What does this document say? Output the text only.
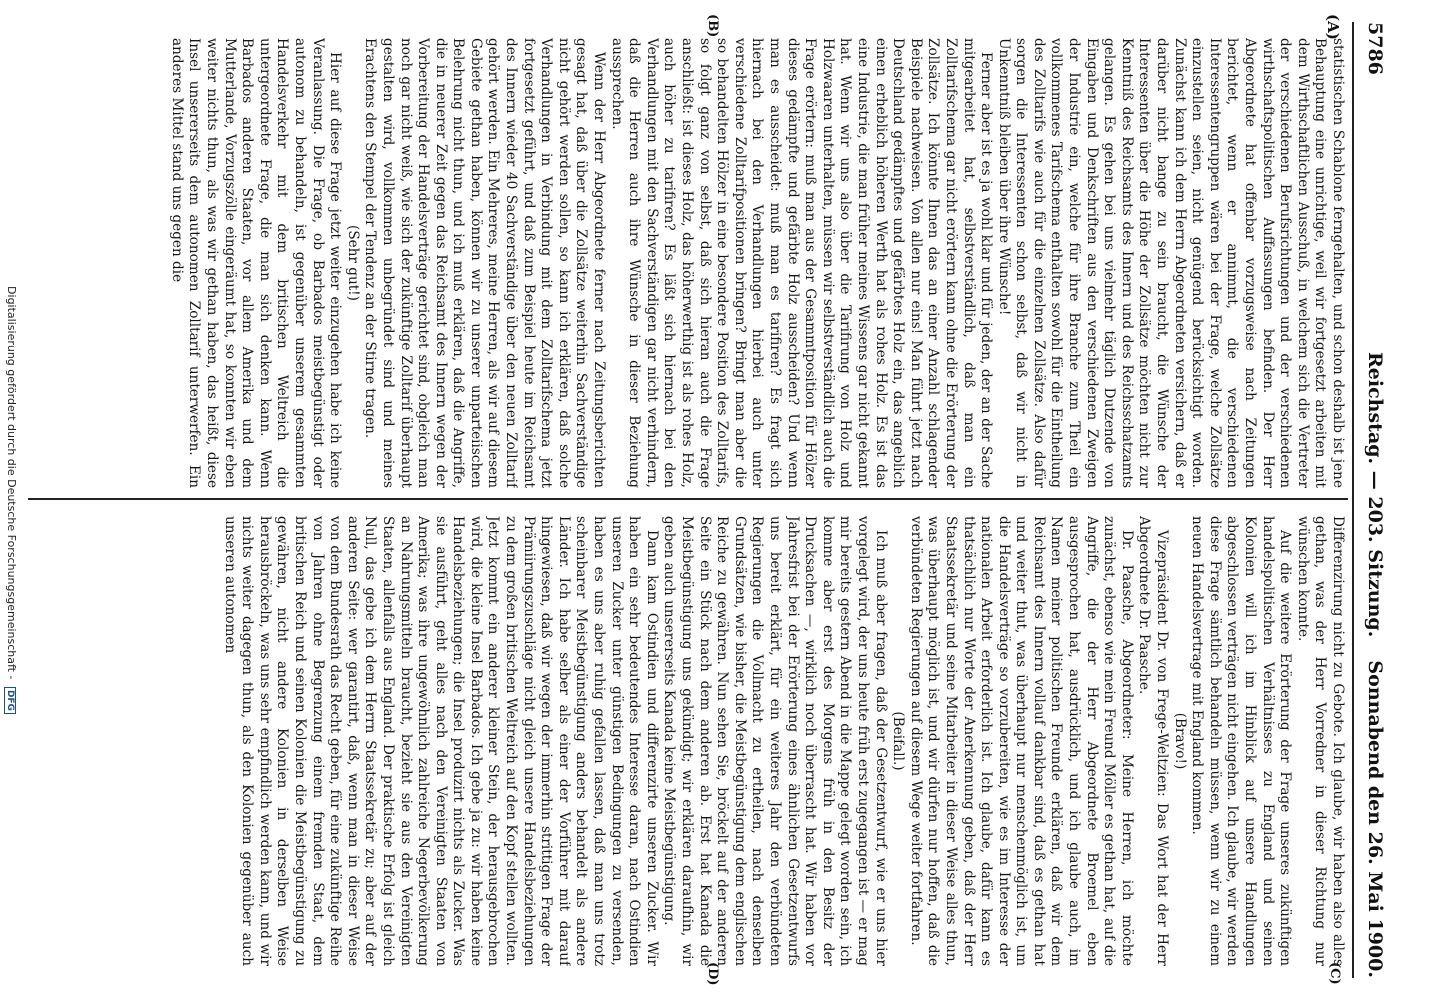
5786
Reichstag. — 203. Sitzung.
Sonnabend den 26. Mai 1900.
(A)
(B)
(C)
(D)

statistischen Schablone ferngehalten, und schon deshalb ist jene Behauptung eine unrichtige, weil wir fortgesetzt arbeiten mit dem Wirthschaftlichen Ausschuß, in welchem sich die Vertreter der verschiedenen Berufsrichtungen und der verschiedenen wirthschaftspolitischen Auffassungen befinden. Der Herr Abgeordnete hat offenbar vorzugsweise nach Zeitungen berichtet, wenn er annimmt, die verschiedenen Interessentengruppen wären bei der Frage, welche Zollsätze einzustellen seien, nicht genügend berücksichtigt worden. Zunächst kann ich dem Herrn Abgeordneten versichern, daß er darüber nicht bange zu sein braucht, die Wünsche der Interessenten über die Höhe der Zollsätze möchten nicht zur Kenntniß des Reichsamts des Innern und des Reichsschatzamts gelangen. Es gehen bei uns vielmehr täglich Dutzende von Eingaben und Denkschriften aus den verschiedenen Zweigen der Industrie ein, welche für ihre Branche zum Theil ein vollkommenes Tarifschema enthalten sowohl für die Eintheilung des Zolltarifs wie auch für die einzelnen Zollsätze. Also dafür sorgen die Interessenten schon selbst, daß wir nicht in Unkenntniß bleiben über ihre Wünsche!

Ferner aber ist es ja wohl klar und für jeden, der an der Sache mitgearbeitet hat, selbstverständlich, daß man ein Zolltarifschema gar nicht erörtern kann ohne die Erörterung der Zollsätze. Ich könnte Ihnen das an einer Anzahl schlagender Beispiele nachweisen. Von allen nur eins! Man führt jetzt nach Deutschland gedämpftes und gefärbtes Holz ein, das angeblich einen erheblich höheren Werth hat als rohes Holz. Es ist das eine Industrie, die man früher meines Wissens gar nicht gekannt hat. Wenn wir uns also über die Tarifirung von Holz und Holzwaaren unterhalten, müssen wir selbstverständlich auch die Frage erörtern: muß man aus der Gesammtposition für Hölzer dieses gedämpfte und gefärbte Holz ausscheiden? Und wenn man es ausscheidet: muß man es tarifiren? Es fragt sich hiernach bei den Verhandlungen hierbei auch unter verschiedene Zolltarifpositionen bringen? Bringt man aber die so behandelten Hölzer in eine besondere Position des Zolltarifs, so folgt ganz von selbst, daß sich hieran auch die Frage anschließt: ist dieses Holz, das höherwerthig ist als rohes Holz, auch höher zu tarifiren? Es läßt sich hiernach bei den Verhandlungen mit den Sachverständigen gar nicht verhindern, daß die Herren auch ihre Wünsche in dieser Beziehung aussprechen.

Wenn der Herr Abgeordnete ferner nach Zeitungsberichten gesagt hat, daß über die Zollsätze weiterhin Sachverständige nicht gehört werden sollen, so kann ich erklären, daß solche Verhandlungen in Verbindung mit dem Zolltarifschema jetzt fortgesetzt geführt, und daß zum Beispiel heute im Reichsamt des Innern wieder 40 Sachverständige über den neuen Zolltarif gehört werden. Ein Mehreres, meine Herren, als wir auf diesem Gebiete gethan haben, können wir zu unserer unparteiischen Belehrung nicht thun, und ich muß erklären, daß die Angriffe, die in neuerer Zeit gegen das Reichsamt des Innern wegen der Vorbereitung der Handelsverträge gerichtet sind, obgleich man noch gar nicht weiß, wie sich der zukünftige Zolltarif überhaupt gestalten wird, vollkommen unbegründet sind und meines Erachtens den Stempel der Tendenz an der Stirne tragen.

(Sehr gut!)

Hier auf diese Frage jetzt weiter einzugehen habe ich keine Veranlassung. Die Frage, ob Barbados meistbegünstigt oder autonom zu behandeln, ist gegenüber unserem gesammten Handelsverkehr mit dem britischen Weltreich die untergeordnete Frage, die man sich denken kann. Wenn Barbados anderen Staaten, vor allem Amerika und dem Mutterlande, Vorzugszölle eingeräumt hat, so konnten wir eben weiter nichts thun, als was wir gethan haben, das heißt, diese Insel unsererseits dem autonomen Zolltarif unterwerfen. Ein anderes Mittel stand uns gegen die

Differenzirung nicht zu Gebote. Ich glaube, wir haben also alles gethan, was der Herr Vorredner in dieser Richtung nur wünschen konnte.

Auf die weitere Erörterung der Frage unseres zukünftigen handelspolitischen Verhältnisses zu England und seinen Kolonien will ich im Hinblick auf unsere Handlungen abgeschlossen verträgen nicht eingehen. Ich glaube, wir werden diese Frage sämtlich behandeln müssen, wenn wir zu einem neuen Handelsvertrage mit England kommen.

(Bravo!)

Vizepräsident Dr. von Frege-Weltzien: Das Wort hat der Herr Abgeordnete Dr. Paasche.

Dr. Paasche, Abgeordneter: Meine Herren, ich möchte zunächst, ebenso wie mein Freund Möller es gethan hat, auf die Angriffe, die der Herr Abgeordnete Broemel eben ausgesprochen hat, ausdrücklich, und ich glaube auch, im Namen meiner politischen Freunde erklären, daß wir dem Reichsamt des Innern vollauf dankbar sind, daß es gethan hat und weiter thut, was überhaupt nur menschenmöglich ist, um die Handelsverträge so vorzubereiten, wie es im Interesse der nationalen Arbeit erforderlich ist. Ich glaube, dafür kann es thatsächlich nur Worte der Anerkennung geben, daß der Herr Staatssekretär und seine Mitarbeiter in dieser Weise alles thun, was überhaupt möglich ist, und wir dürfen nur hoffen, daß die verbündeten Regierungen auf diesem Wege weiter fortfahren.

(Beifall.)

Ich muß aber fragen, daß der Gesetzentwurf, wie er uns hier vorgelegt wird, der uns heute früh erst zugegangen ist — er mag mir bereits gestern Abend in die Mappe gelegt worden sein, ich komme aber erst des Morgens früh in den Besitz der Drucksachen —, wirklich noch überrascht hat. Wir haben vor Jahresfrist bei der Erörterung eines ähnlichen Gesetzentwurfs uns bereit erklärt, für ein weiteres Jahr den verbündeten Regierungen die Vollmacht zu ertheilen, nach denselben Grundsätzen, wie bisher, die Meistbegünstigung dem englischen Reiche zu gewähren. Nun sehen Sie, bröckelt auf der anderen Seite ein Stück nach dem anderen ab. Erst hat Kanada die Meistbegünstigung uns gekündigt; wir erklären daraufhin, wir geben auch unsererseits Kanada keine Meistbegünstigung.

Dann kam Ostindien und differenzirte unseren Zucker. Wir haben ein sehr bedeutendes Interesse daran, nach Ostindien unseren Zucker unter günstigen Bedingungen zu versenden, haben es uns aber ruhig gefallen lassen, daß man uns trotz scheinbarer Meistbegünstigung anders behandelt als andere Länder. Ich habe selber als einer der Vorführer mit darauf hingewiesen, daß wir wegen der immerhin strittigen Frage der Prämiirungszuschläge nicht gleich unsere Handelsbeziehungen zu dem großen britischen Weltreich auf den Kopf stellen wollten. Jetzt kommt ein anderer kleiner Stein, der herausgebrochen wird, die kleine Insel Barbados. Ich gebe ja zu: wir haben keine Handelsbeziehungen; die Insel produzirt nichts als Zucker. Was sie ausführt, geht alles nach den Vereinigten Staaten von Amerika; was ihre ungewöhnlich zahlreiche Negerbevölkerung an Nahrungsmitteln braucht, bezieht sie aus den Vereinigten Staaten, allenfalls aus England. Der praktische Erfolg ist gleich Null, das gebe ich dem Herrn Staatssekretär zu; aber auf der anderen Seite: wer garantirt, daß, wenn man in dieser Weise von dem Bundesrath das Recht geben, für eine zukünftige Reihe von Jahren ohne Begrenzung einem fremden Staat, dem britischen Reich und seinen Kolonien die Meistbegünstigung zu gewähren, nicht andere Kolonien in derselben Weise herausbröckeln, was uns sehr empfindlich werden kann, und wir nichts weiter dagegen thun, als den Kolonien gegenüber auch unseren autonomen

Digitalisierung gefördert durch die Deutsche Forschungsgemeinschaft - DFG
